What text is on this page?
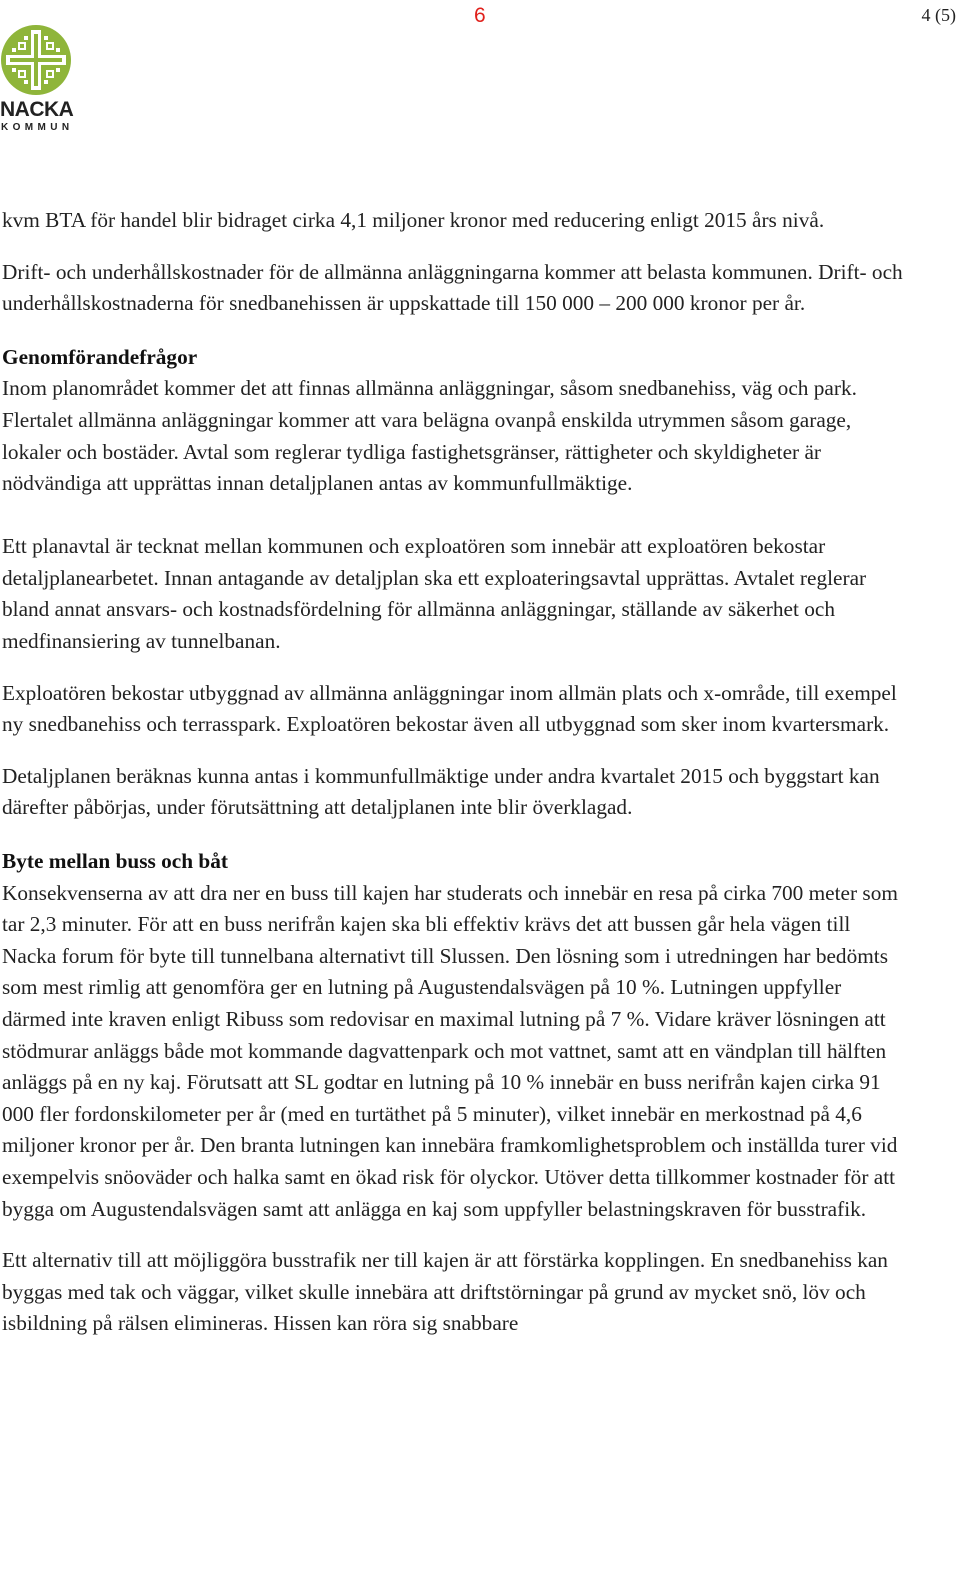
6	4 (5)
NACKA
KOMMUN

kvm BTA för handel blir bidraget cirka 4,1 miljoner kronor med reducering enligt 2015 års nivå.

Drift- och underhållskostnader för de allmänna anläggningarna kommer att belasta kommunen. Drift- och underhållskostnaderna för snedbanehissen är uppskattade till 150 000 – 200 000 kronor per år.

Genomförandefrågor

Inom planområdet kommer det att finnas allmänna anläggningar, såsom snedbanehiss, väg och park. Flertalet allmänna anläggningar kommer att vara belägna ovanpå enskilda utrymmen såsom garage, lokaler och bostäder. Avtal som reglerar tydliga fastighetsgränser, rättigheter och skyldigheter är nödvändiga att upprättas innan detaljplanen antas av kommunfullmäktige.

Ett planavtal är tecknat mellan kommunen och exploatören som innebär att exploatören bekostar detaljplanearbetet. Innan antagande av detaljplan ska ett exploateringsavtal upprättas. Avtalet reglerar bland annat ansvars- och kostnadsfördelning för allmänna anläggningar, ställande av säkerhet och medfinansiering av tunnelbanan.

Exploatören bekostar utbyggnad av allmänna anläggningar inom allmän plats och x-område, till exempel ny snedbanehiss och terrasspark. Exploatören bekostar även all utbyggnad som sker inom kvartersmark.

Detaljplanen beräknas kunna antas i kommunfullmäktige under andra kvartalet 2015 och byggstart kan därefter påbörjas, under förutsättning att detaljplanen inte blir överklagad.

Byte mellan buss och båt

Konsekvenserna av att dra ner en buss till kajen har studerats och innebär en resa på cirka 700 meter som tar 2,3 minuter. För att en buss nerifrån kajen ska bli effektiv krävs det att bussen går hela vägen till Nacka forum för byte till tunnelbana alternativt till Slussen. Den lösning som i utredningen har bedömts som mest rimlig att genomföra ger en lutning på Augustendalsvägen på 10 %. Lutningen uppfyller därmed inte kraven enligt Ribuss som redovisar en maximal lutning på 7 %. Vidare kräver lösningen att stödmurar anläggs både mot kommande dagvattenpark och mot vattnet, samt att en vändplan till hälften anläggs på en ny kaj. Förutsatt att SL godtar en lutning på 10 % innebär en buss nerifrån kajen cirka 91 000 fler fordonskilometer per år (med en turtäthet på 5 minuter), vilket innebär en merkostnad på 4,6 miljoner kronor per år. Den branta lutningen kan innebära framkomlighetsproblem och inställda turer vid exempelvis snöoväder och halka samt en ökad risk för olyckor. Utöver detta tillkommer kostnader för att bygga om Augustendalsvägen samt att anlägga en kaj som uppfyller belastningskraven för busstrafik.

Ett alternativ till att möjliggöra busstrafik ner till kajen är att förstärka kopplingen. En snedbanehiss kan byggas med tak och väggar, vilket skulle innebära att driftstörningar på grund av mycket snö, löv och isbildning på rälsen elimineras. Hissen kan röra sig snabbare
